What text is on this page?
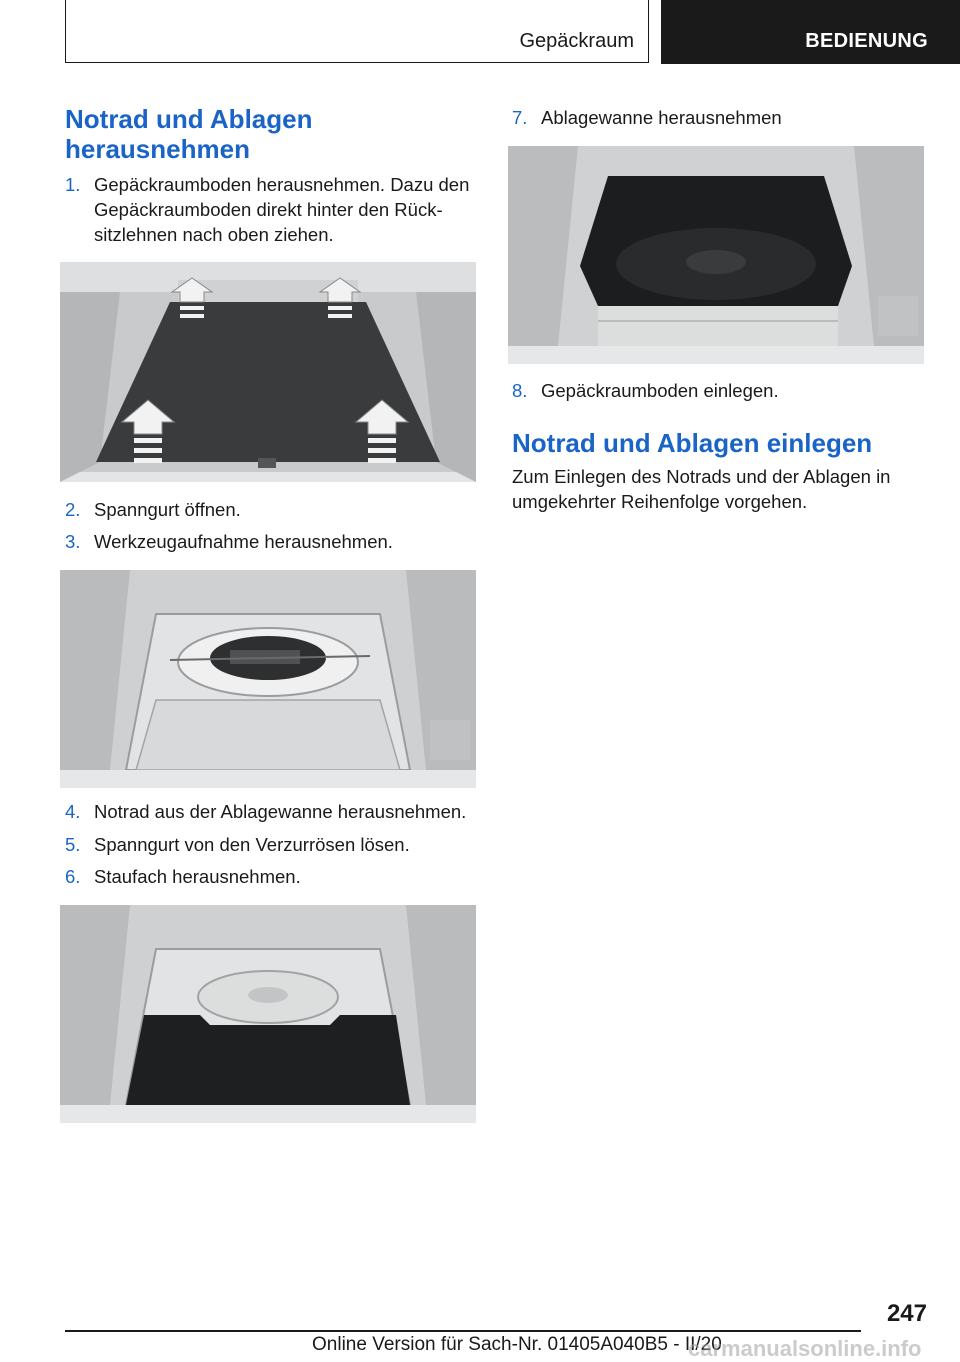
Gepäckraum	BEDIENUNG
Notrad und Ablagen
herausnehmen
1. Gepäckraumboden herausnehmen. Dazu den
Gepäckraumboden direkt hinter den Rück‐
sitzlehnen nach oben ziehen.
2. Spanngurt öffnen.
3. Werkzeugaufnahme herausnehmen.
4. Notrad aus der Ablagewanne herausnehmen.
5. Spanngurt von den Verzurrösen lösen.
6. Staufach herausnehmen.
7. Ablagewanne herausnehmen
8. Gepäckraumboden einlegen.
Notrad und Ablagen einlegen
Zum Einlegen des Notrads und der Ablagen in
umgekehrter Reihenfolge vorgehen.
247
Online Version für Sach-Nr. 01405A040B5 - II/20
carmanualsonline.info
